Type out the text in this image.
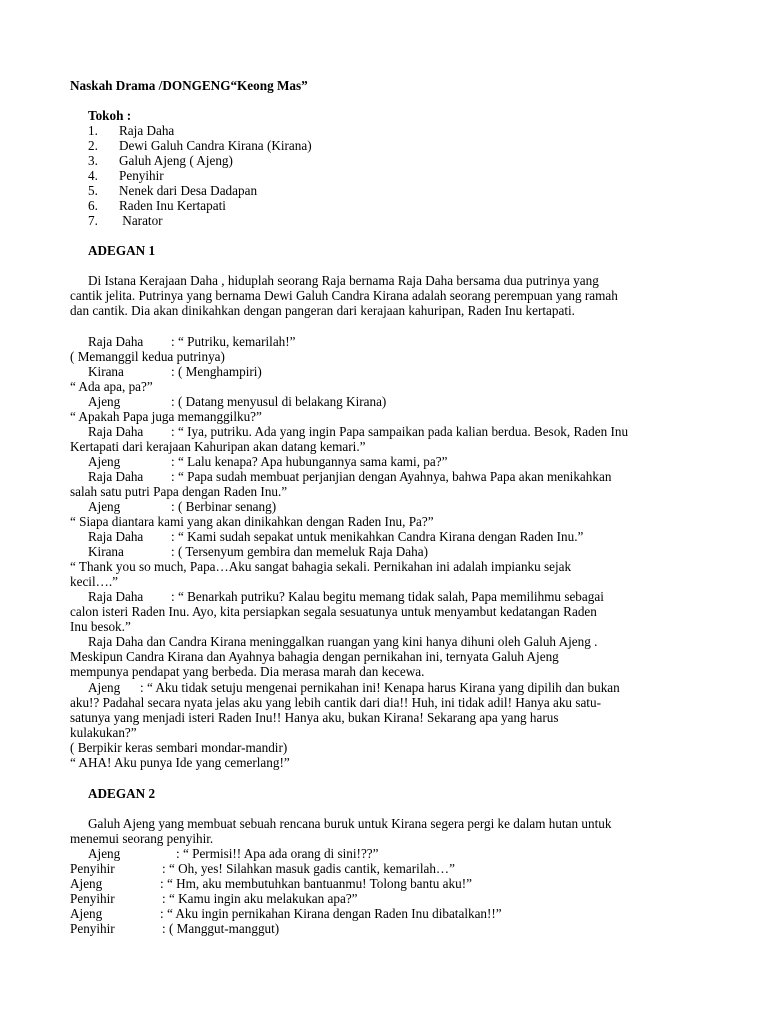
Naskah Drama /DONGENG“Keong Mas”
Tokoh :
1. Raja Daha
2. Dewi Galuh Candra Kirana (Kirana)
3. Galuh Ajeng ( Ajeng)
4. Penyihir
5. Nenek dari Desa Dadapan
6. Raden Inu Kertapati
7. Narator
ADEGAN 1
Di Istana Kerajaan Daha , hiduplah seorang Raja bernama Raja Daha bersama dua putrinya yang
cantik jelita. Putrinya yang bernama Dewi Galuh Candra Kirana adalah seorang perempuan yang ramah
dan cantik. Dia akan dinikahkan dengan pangeran dari kerajaan kahuripan, Raden Inu kertapati.
Raja Daha : “ Putriku, kemarilah!”
( Memanggil kedua putrinya)
Kirana	: ( Menghampiri)
“ Ada apa, pa?”
Ajeng	: ( Datang menyusul di belakang Kirana)
“ Apakah Papa juga memanggilku?”
Raja Daha : “ Iya, putriku. Ada yang ingin Papa sampaikan pada kalian berdua. Besok, Raden Inu
Kertapati dari kerajaan Kahuripan akan datang kemari.”
Ajeng	: “ Lalu kenapa? Apa hubungannya sama kami, pa?”
Raja Daha : “ Papa sudah membuat perjanjian dengan Ayahnya, bahwa Papa akan menikahkan
salah satu putri Papa dengan Raden Inu.”
Ajeng	: ( Berbinar senang)
“ Siapa diantara kami yang akan dinikahkan dengan Raden Inu, Pa?”
Raja Daha : “ Kami sudah sepakat untuk menikahkan Candra Kirana dengan Raden Inu.”
Kirana	: ( Tersenyum gembira dan memeluk Raja Daha)
“ Thank you so much, Papa…Aku sangat bahagia sekali. Pernikahan ini adalah impianku sejak
kecil….”
Raja Daha : “ Benarkah putriku? Kalau begitu memang tidak salah, Papa memilihmu sebagai
calon isteri Raden Inu. Ayo, kita persiapkan segala sesuatunya untuk menyambut kedatangan Raden
Inu besok.”
Raja Daha dan Candra Kirana meninggalkan ruangan yang kini hanya dihuni oleh Galuh Ajeng .
Meskipun Candra Kirana dan Ayahnya bahagia dengan pernikahan ini, ternyata Galuh Ajeng
mempunya pendapat yang berbeda. Dia merasa marah dan kecewa.
Ajeng : “ Aku tidak setuju mengenai pernikahan ini! Kenapa harus Kirana yang dipilih dan bukan
aku!? Padahal secara nyata jelas aku yang lebih cantik dari dia!! Huh, ini tidak adil! Hanya aku satu-
satunya yang menjadi isteri Raden Inu!! Hanya aku, bukan Kirana! Sekarang apa yang harus
kulakukan?”
( Berpikir keras sembari mondar-mandir)
“ AHA! Aku punya Ide yang cemerlang!”
ADEGAN 2
Galuh Ajeng yang membuat sebuah rencana buruk untuk Kirana segera pergi ke dalam hutan untuk
menemui seorang penyihir.
Ajeng	: “ Permisi!! Apa ada orang di sini!??”
Penyihir	: “ Oh, yes! Silahkan masuk gadis cantik, kemarilah…”
Ajeng	: “ Hm, aku membutuhkan bantuanmu! Tolong bantu aku!”
Penyihir	: “ Kamu ingin aku melakukan apa?”
Ajeng	: “ Aku ingin pernikahan Kirana dengan Raden Inu dibatalkan!!”
Penyihir	: ( Manggut-manggut)
